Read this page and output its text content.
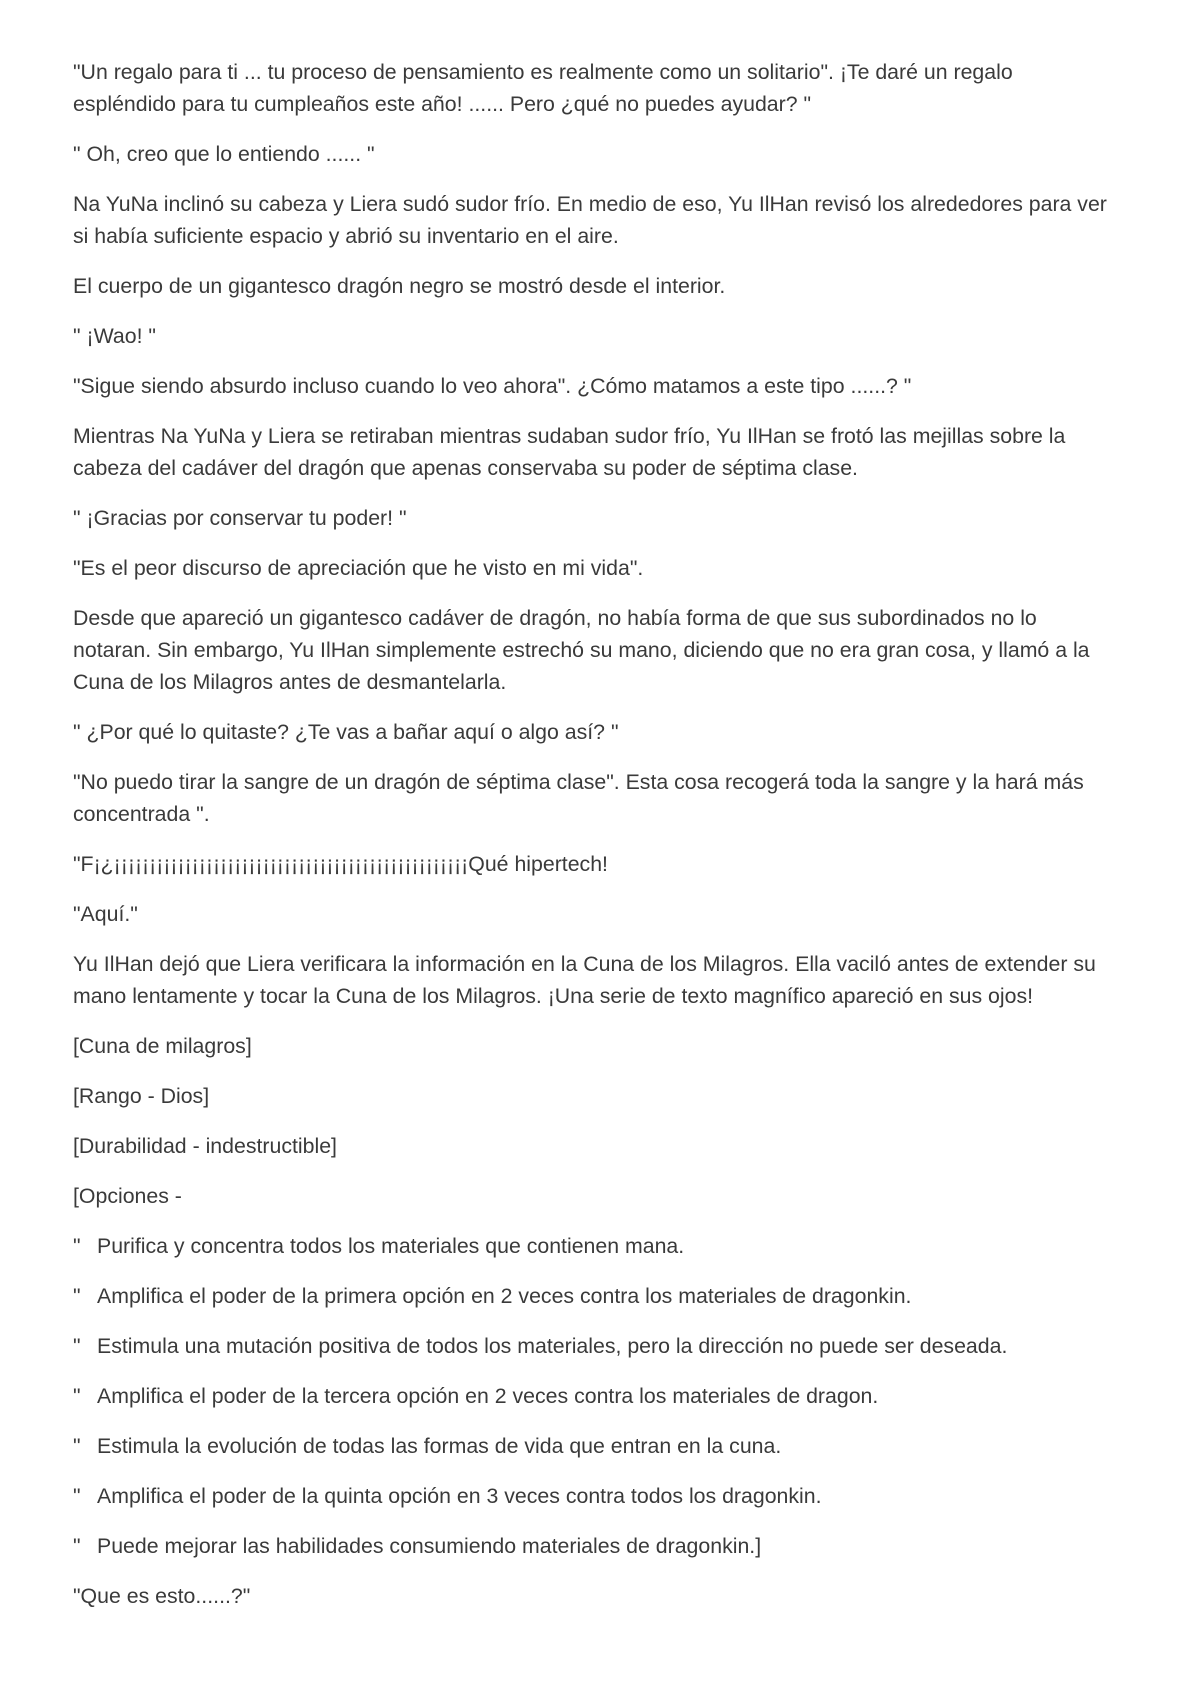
"Un regalo para ti ... tu proceso de pensamiento es realmente como un solitario". ¡Te daré un regalo espléndido para tu cumpleaños este año! ...... Pero ¿qué no puedes ayudar? "

" Oh, creo que lo entiendo ...... "

Na YuNa inclinó su cabeza y Liera sudó sudor frío. En medio de eso, Yu IlHan revisó los alrededores para ver si había suficiente espacio y abrió su inventario en el aire.

El cuerpo de un gigantesco dragón negro se mostró desde el interior.

" ¡Wao! "

"Sigue siendo absurdo incluso cuando lo veo ahora". ¿Cómo matamos a este tipo ......? "

Mientras Na YuNa y Liera se retiraban mientras sudaban sudor frío, Yu IlHan se frotó las mejillas sobre la cabeza del cadáver del dragón que apenas conservaba su poder de séptima clase.

" ¡Gracias por conservar tu poder! "

"Es el peor discurso de apreciación que he visto en mi vida".

Desde que apareció un gigantesco cadáver de dragón, no había forma de que sus subordinados no lo notaran. Sin embargo, Yu IlHan simplemente estrechó su mano, diciendo que no era gran cosa, y llamó a la Cuna de los Milagros antes de desmantelarla.

" ¿Por qué lo quitaste? ¿Te vas a bañar aquí o algo así? "

"No puedo tirar la sangre de un dragón de séptima clase". Esta cosa recogerá toda la sangre y la hará más concentrada ".

"F¡¿¡¡¡¡¡¡¡¡¡¡¡¡¡¡¡¡¡¡¡¡¡¡¡¡¡¡¡¡¡¡¡¡¡¡¡¡¡¡¡¡¡¡¡¡¡¡¡¡¡¡Qué hipertech!

"Aquí."

Yu IlHan dejó que Liera verificara la información en la Cuna de los Milagros. Ella vaciló antes de extender su mano lentamente y tocar la Cuna de los Milagros. ¡Una serie de texto magnífico apareció en sus ojos!

[Cuna de milagros]

[Rango - Dios]

[Durabilidad - indestructible]

[Opciones -

" Purifica y concentra todos los materiales que contienen mana.
" Amplifica el poder de la primera opción en 2 veces contra los materiales de dragonkin.
" Estimula una mutación positiva de todos los materiales, pero la dirección no puede ser deseada.
" Amplifica el poder de la tercera opción en 2 veces contra los materiales de dragon.
" Estimula la evolución de todas las formas de vida que entran en la cuna.
" Amplifica el poder de la quinta opción en 3 veces contra todos los dragonkin.
" Puede mejorar las habilidades consumiendo materiales de dragonkin.]

"Que es esto......?"
